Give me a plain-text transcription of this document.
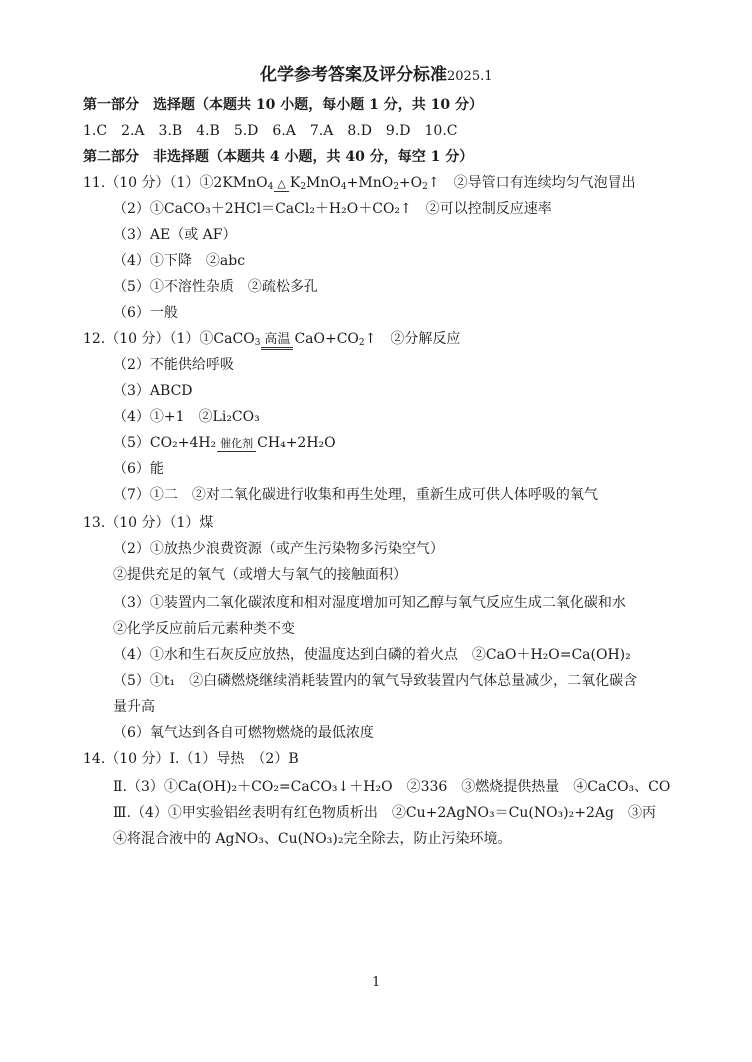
化学参考答案及评分标准2025.1
第一部分　选择题（本题共 10 小题，每小题 1 分，共 10 分）
1.C　2.A　3.B　4.B　5.D　6.A　7.A　8.D　9.D　10.C
第二部分　非选择题（本题共 4 小题，共 40 分，每空 1 分）
11.（10 分）（1）①2KMnO$_4$ △ $K_2MnO_4+MnO_2+O_2↑$　②导管口有连续均匀气泡冒出
（2）①CaCO₃＋2HCl＝CaCl₂＋H₂O＋CO₂↑　②可以控制反应速率
（3）AE（或 AF）
（4）①下降　②abc
（5）①不溶性杂质　②疏松多孔
（6）一般
12.（10 分）（1）①CaCO$_3$ 高温 $CaO+CO_2↑$　②分解反应
（2）不能供给呼吸
（3）ABCD
（4）①+1　②Li₂CO₃
（5）CO₂+4H₂ 催化剂 CH₄+2H₂O
（6）能
（7）①二　②对二氧化碳进行收集和再生处理，重新生成可供人体呼吸的氧气
13.（10 分）（1）煤
（2）①放热少浪费资源（或产生污染物多污染空气）
②提供充足的氧气（或增大与氧气的接触面积）
（3）①装置内二氧化碳浓度和相对湿度增加可知乙醇与氧气反应生成二氧化碳和水
②化学反应前后元素种类不变
（4）①水和生石灰反应放热，使温度达到白磷的着火点　②CaO＋H₂O=Ca(OH)₂
（5）①t₁　②白磷燃烧继续消耗装置内的氧气导致装置内气体总量减少，二氧化碳含
量升高
（6）氧气达到各自可燃物燃烧的最低浓度
14.（10 分）Ⅰ.（1）导热　（2）B
Ⅱ.（3）①Ca(OH)₂＋CO₂=CaCO₃↓＋H₂O　②336　③燃烧提供热量　④CaCO₃、CO
Ⅲ.（4）①甲实验铝丝表明有红色物质析出　②Cu+2AgNO₃＝Cu(NO₃)₂+2Ag　③丙
④将混合液中的 AgNO₃、Cu(NO₃)₂完全除去，防止污染环境。
1
